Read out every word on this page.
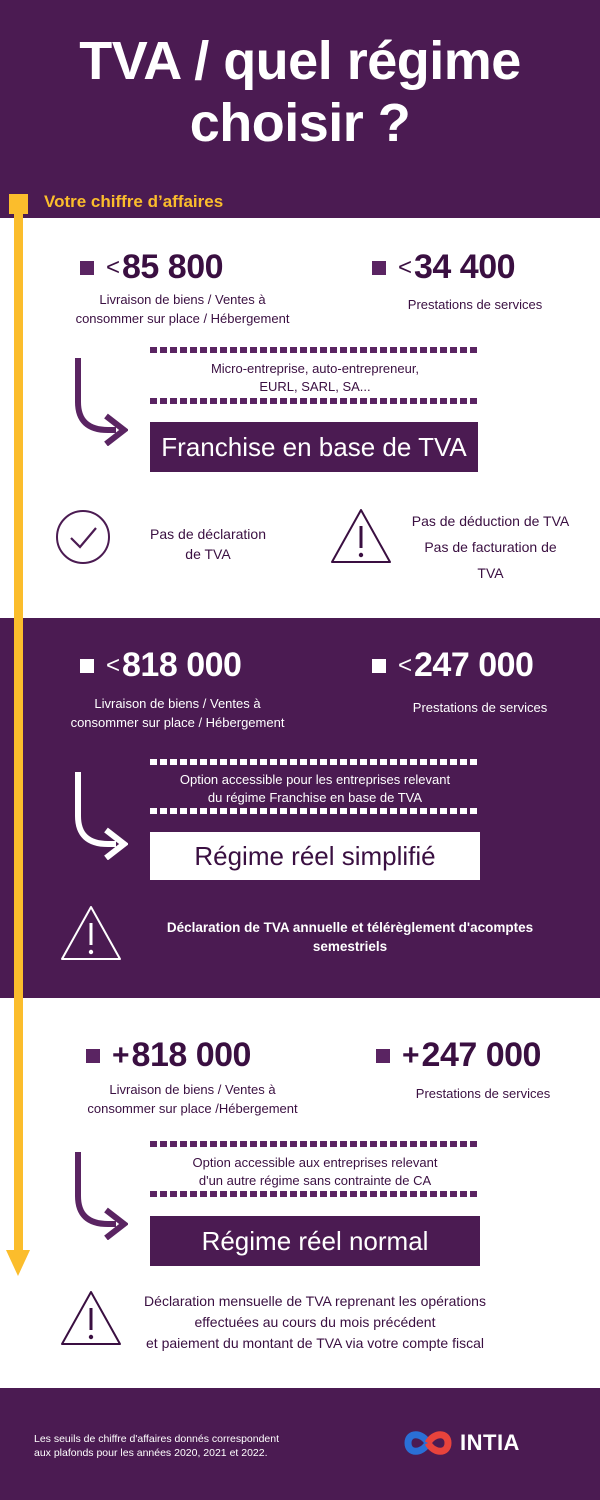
TVA / quel régime
choisir ?
< 85 800
Livraison de biens / Ventes à
consommer sur place / Hébergement
< 34 400
Prestations de services
Micro-entreprise, auto-entrepreneur,
EURL, SARL, SA...
Franchise en base de TVA
Pas de déclaration
de TVA
Pas de déduction de TVA
Pas de facturation de
TVA
< 818 000
Livraison de biens / Ventes à
consommer sur place / Hébergement
< 247 000
Prestations de services
Option accessible pour les entreprises relevant
du régime Franchise en base de TVA
Régime réel simplifié
Déclaration de TVA annuelle et télérèglement d'acomptes
semestriels
+ 818 000
Livraison de biens / Ventes à
consommer sur place /Hébergement
+ 247 000
Prestations de services
Option accessible aux entreprises relevant
d'un autre régime sans contrainte de CA
Régime réel normal
Déclaration mensuelle de TVA reprenant les opérations
effectuées au cours du mois précédent
et paiement du montant de TVA via votre compte fiscal
Votre chiffre d’affaires
Les seuils de chiffre d'affaires donnés correspondent
aux plafonds pour les années 2020, 2021 et 2022.	INTIA
